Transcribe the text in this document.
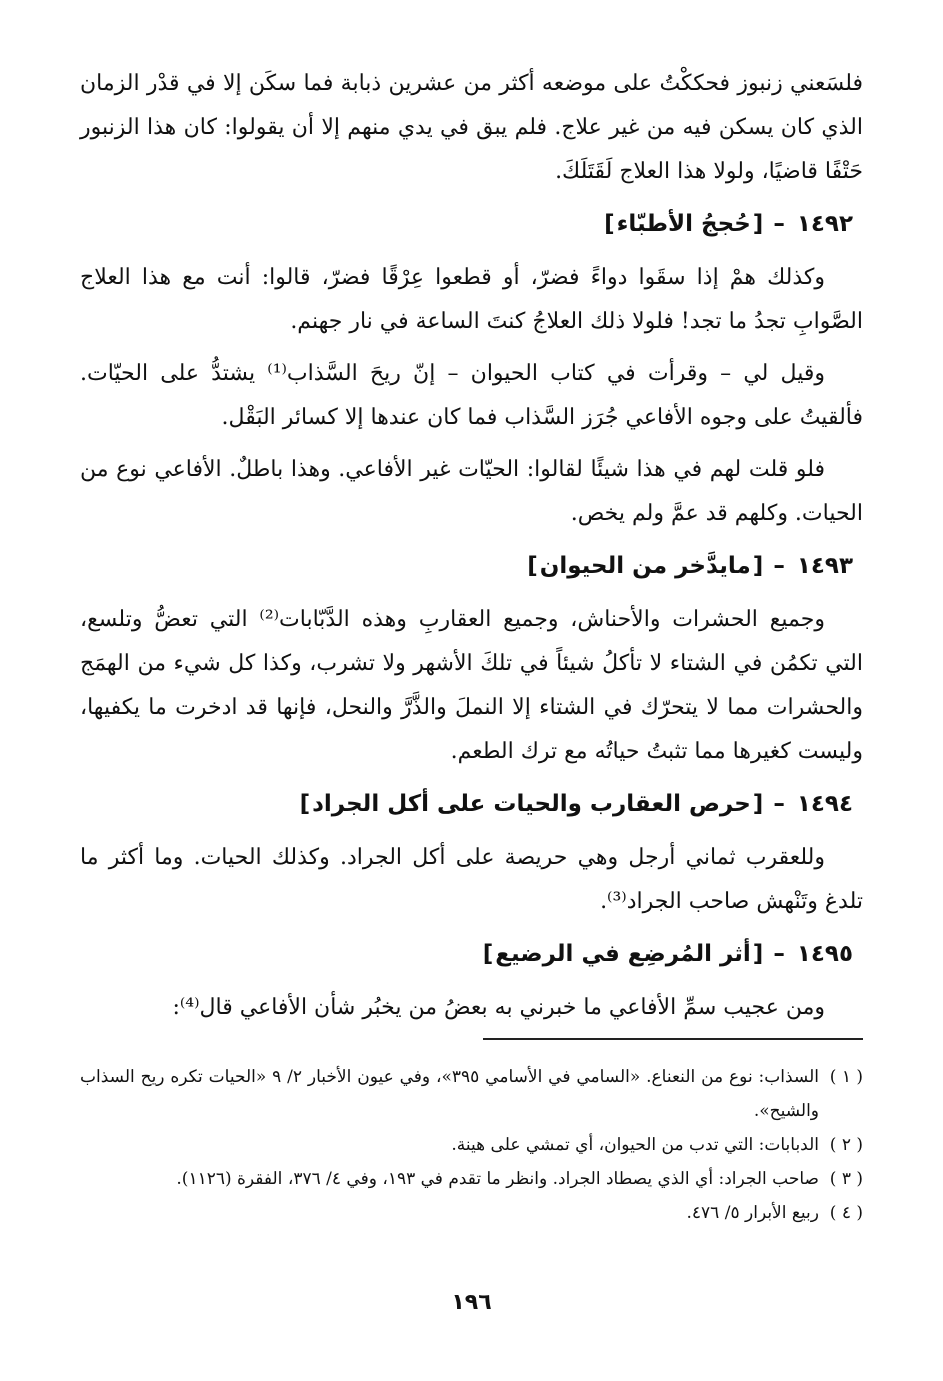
فلسَعني زنبوز فحككْتُ على موضعه أكثر من عشرين ذبابة فما سكَن إلا في قدْر الزمان الذي كان يسكن فيه من غير علاج. فلم يبق في يدي منهم إلا أن يقولوا: كان هذا الزنبور حَتْفًا قاضيًا، ولولا هذا العلاج لَقَتَلَكَ.

١٤٩٢ – [حُججُ الأطبّاء]

وكذلك همْ إذا سقَوا دواءً فضرّ، أو قطعوا عِرْقًا فضرّ، قالوا: أنت مع هذا العلاج الصَّوابِ تجدُ ما تجد! فلولا ذلك العلاجُ كنتَ الساعة في نار جهنم.

وقيل لي – وقرأت في كتاب الحيوان – إنّ ريحَ السَّذاب⁽¹⁾ يشتدُّ على الحيّات. فألقيتُ على وجوه الأفاعي جُرَز السَّذاب فما كان عندها إلا كسائر البَقْل.

فلو قلت لهم في هذا شيئًا لقالوا: الحيّات غير الأفاعي. وهذا باطلٌ. الأفاعي نوع من الحيات. وكلهم قد عمَّ ولم يخص.

١٤٩٣ – [مايدَّخر من الحيوان]

وجميع الحشرات والأحناش، وجميع العقاربِ وهذه الدَّبّابات⁽²⁾ التي تعضُّ وتلسع، التي تكمُن في الشتاء لا تأكلُ شيئاً في تلكَ الأشهر ولا تشرب، وكذا كل شيء من الهمَج والحشرات مما لا يتحرّك في الشتاء إلا النملَ والذَّرَّ والنحل، فإنها قد ادخرت ما يكفيها، وليست كغيرها مما تثبتُ حياتُه مع ترك الطعم.

١٤٩٤ – [حرص العقارب والحيات على أكل الجراد]

وللعقرب ثماني أرجل وهي حريصة على أكل الجراد. وكذلك الحيات. وما أكثر ما تلدغ وتَنْهش صاحب الجراد⁽³⁾.

١٤٩٥ – [أثر المُرضِع في الرضيع]

ومن عجيب سمِّ الأفاعي ما خبرني به بعضُ من يخبُر شأن الأفاعي قال⁽⁴⁾:

( ١ )
السذاب: نوع من النعناع. «السامي في الأسامي ٣٩٥»، وفي عيون الأخبار ٢/ ٩ «الحيات تكره ريح السذاب والشيح».
( ٢ )
الدبابات: التي تدب من الحيوان، أي تمشي على هينة.
( ٣ )
صاحب الجراد: أي الذي يصطاد الجراد. وانظر ما تقدم في ١٩٣، وفي ٤/ ٣٧٦، الفقرة (١١٢٦).
( ٤ )
ربيع الأبرار ٥/ ٤٧٦.
١٩٦
